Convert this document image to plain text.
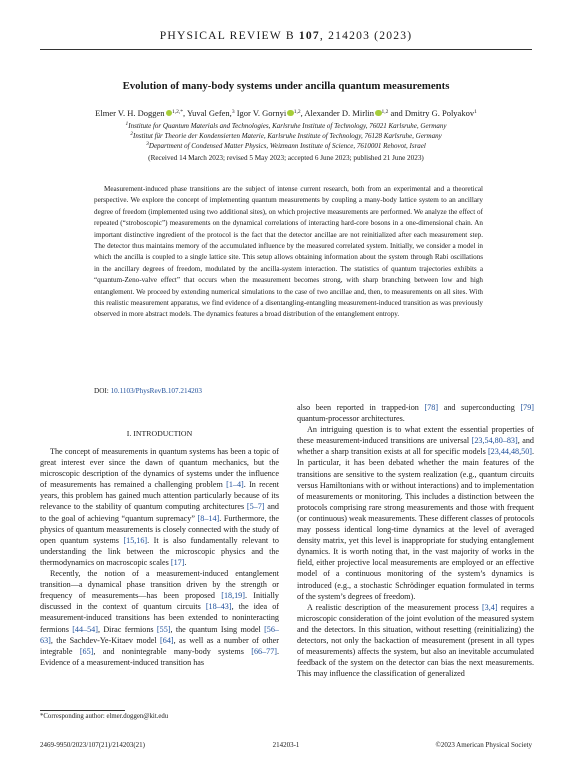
PHYSICAL REVIEW B 107, 214203 (2023)
Evolution of many-body systems under ancilla quantum measurements
Elmer V. H. Doggen $^{1,2,*}$, Yuval Gefen,$^3$ Igor V. Gornyi $^{1,2}$, Alexander D. Mirlin $^{1,2}$ and Dmitry G. Polyakov$^1$
$^1$Institute for Quantum Materials and Technologies, Karlsruhe Institute of Technology, 76021 Karlsruhe, Germany
$^2$Institut für Theorie der Kondensierten Materie, Karlsruhe Institute of Technology, 76128 Karlsruhe, Germany
$^3$Department of Condensed Matter Physics, Weizmann Institute of Science, 7610001 Rehovot, Israel
(Received 14 March 2023; revised 5 May 2023; accepted 6 June 2023; published 21 June 2023)
Measurement-induced phase transitions are the subject of intense current research, both from an experimental and a theoretical perspective. We explore the concept of implementing quantum measurements by coupling a many-body lattice system to an ancillary degree of freedom (implemented using two additional sites), on which projective measurements are performed. We analyze the effect of repeated (“stroboscopic”) measurements on the dynamical correlations of interacting hard-core bosons in a one-dimensional chain. An important distinctive ingredient of the protocol is the fact that the detector ancillae are not reinitialized after each measurement step. The detector thus maintains memory of the accumulated influence by the measured correlated system. Initially, we consider a model in which the ancilla is coupled to a single lattice site. This setup allows obtaining information about the system through Rabi oscillations in the ancillary degrees of freedom, modulated by the ancilla-system interaction. The statistics of quantum trajectories exhibits a “quantum-Zeno-valve effect” that occurs when the measurement becomes strong, with sharp branching between low and high entanglement. We proceed by extending numerical simulations to the case of two ancillae and, then, to measurements on all sites. With this realistic measurement apparatus, we find evidence of a disentangling-entangling measurement-induced transition as was previously observed in more abstract models. The dynamics features a broad distribution of the entanglement entropy.
DOI: 10.1103/PhysRevB.107.214203
I. INTRODUCTION

The concept of measurements in quantum systems has been a topic of great interest ever since the dawn of quantum mechanics, but the microscopic description of the dynamics of systems under the influence of measurements has remained a challenging problem [1–4]. In recent years, this problem has gained much attention particularly because of its relevance to the stability of quantum computing architectures [5–7] and to the goal of achieving “quantum supremacy” [8–14]. Furthermore, the physics of quantum measurements is closely connected with the study of open quantum systems [15,16]. It is also fundamentally relevant to understanding the link between the microscopic physics and the thermodynamics on macroscopic scales [17].

Recently, the notion of a measurement-induced entanglement transition—a dynamical phase transition driven by the strength or frequency of measurements—has been proposed [18,19]. Initially discussed in the context of quantum circuits [18–43], the idea of measurement-induced transitions has been extended to noninteracting fermions [44–54], Dirac fermions [55], the quantum Ising model [56–63], the Sachdev-Ye-Kitaev model [64], as well as a number of other integrable [65], and nonintegrable many-body systems [66–77]. Evidence of a measurement-induced transition has

also been reported in trapped-ion [78] and superconducting [79] quantum-processor architectures.

An intriguing question is to what extent the essential properties of these measurement-induced transitions are universal [23,54,80–83], and whether a sharp transition exists at all for specific models [23,44,48,50]. In particular, it has been debated whether the main features of the transitions are sensitive to the system realization (e.g., quantum circuits versus Hamiltonians with or without interactions) and to implementation of measurements or monitoring. This includes a distinction between the protocols comprising rare strong measurements and those with frequent (or continuous) weak measurements. These different classes of protocols may possess identical long-time dynamics at the level of averaged density matrix, yet this level is inappropriate for studying entanglement dynamics. It is worth noting that, in the vast majority of works in the field, either projective local measurements are employed or an effective model of a continuous monitoring of the system’s dynamics is introduced (e.g., a stochastic Schrödinger equation formulated in terms of the system’s degrees of freedom).

A realistic description of the measurement process [3,4] requires a microscopic consideration of the joint evolution of the measured system and the detectors. In this situation, without resetting (reinitializing) the detectors, not only the backaction of measurement (present in all types of measurements) affects the system, but also an inevitable accumulated feedback of the system on the detector can bias the next measurements. This may influence the classification of generalized

*Corresponding author: elmer.doggen@kit.edu
2469-9950/2023/107(21)/214203(21)	214203-1	©2023 American Physical Society
